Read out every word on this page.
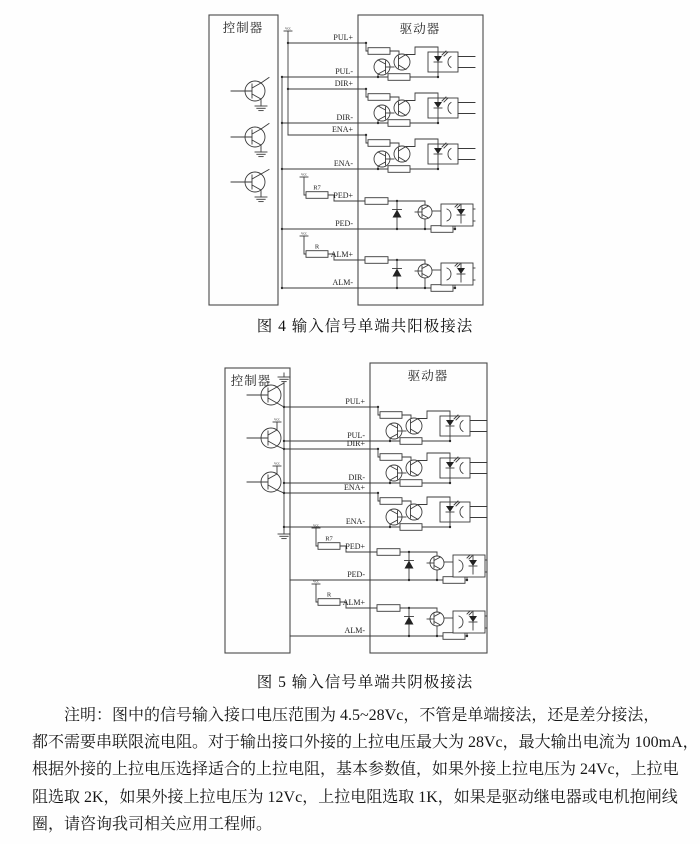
控制器	驱动器
R7
R
PUL+
PUL-
DIR+
DIR-
ENA+
ENA-
PED+
PED-
ALM+
ALM-
图 4 输入信号单端共阳极接法
控制器	驱动器
R7
R
PUL+
PUL-
DIR+
DIR-
ENA+
ENA-
PED+
PED-
ALM+
ALM-
图 5 输入信号单端共阴极接法
注明：图中的信号输入接口电压范围为 4.5~28Vc，不管是单端接法，还是差分接法，
都不需要串联限流电阻。对于输出接口外接的上拉电压最大为 28Vc，最大输出电流为 100mA，
根据外接的上拉电压选择适合的上拉电阻，基本参数值，如果外接上拉电压为 24Vc，上拉电
阻选取 2K，如果外接上拉电压为 12Vc，上拉电阻选取 1K，如果是驱动继电器或电机抱闸线
圈，请咨询我司相关应用工程师。
